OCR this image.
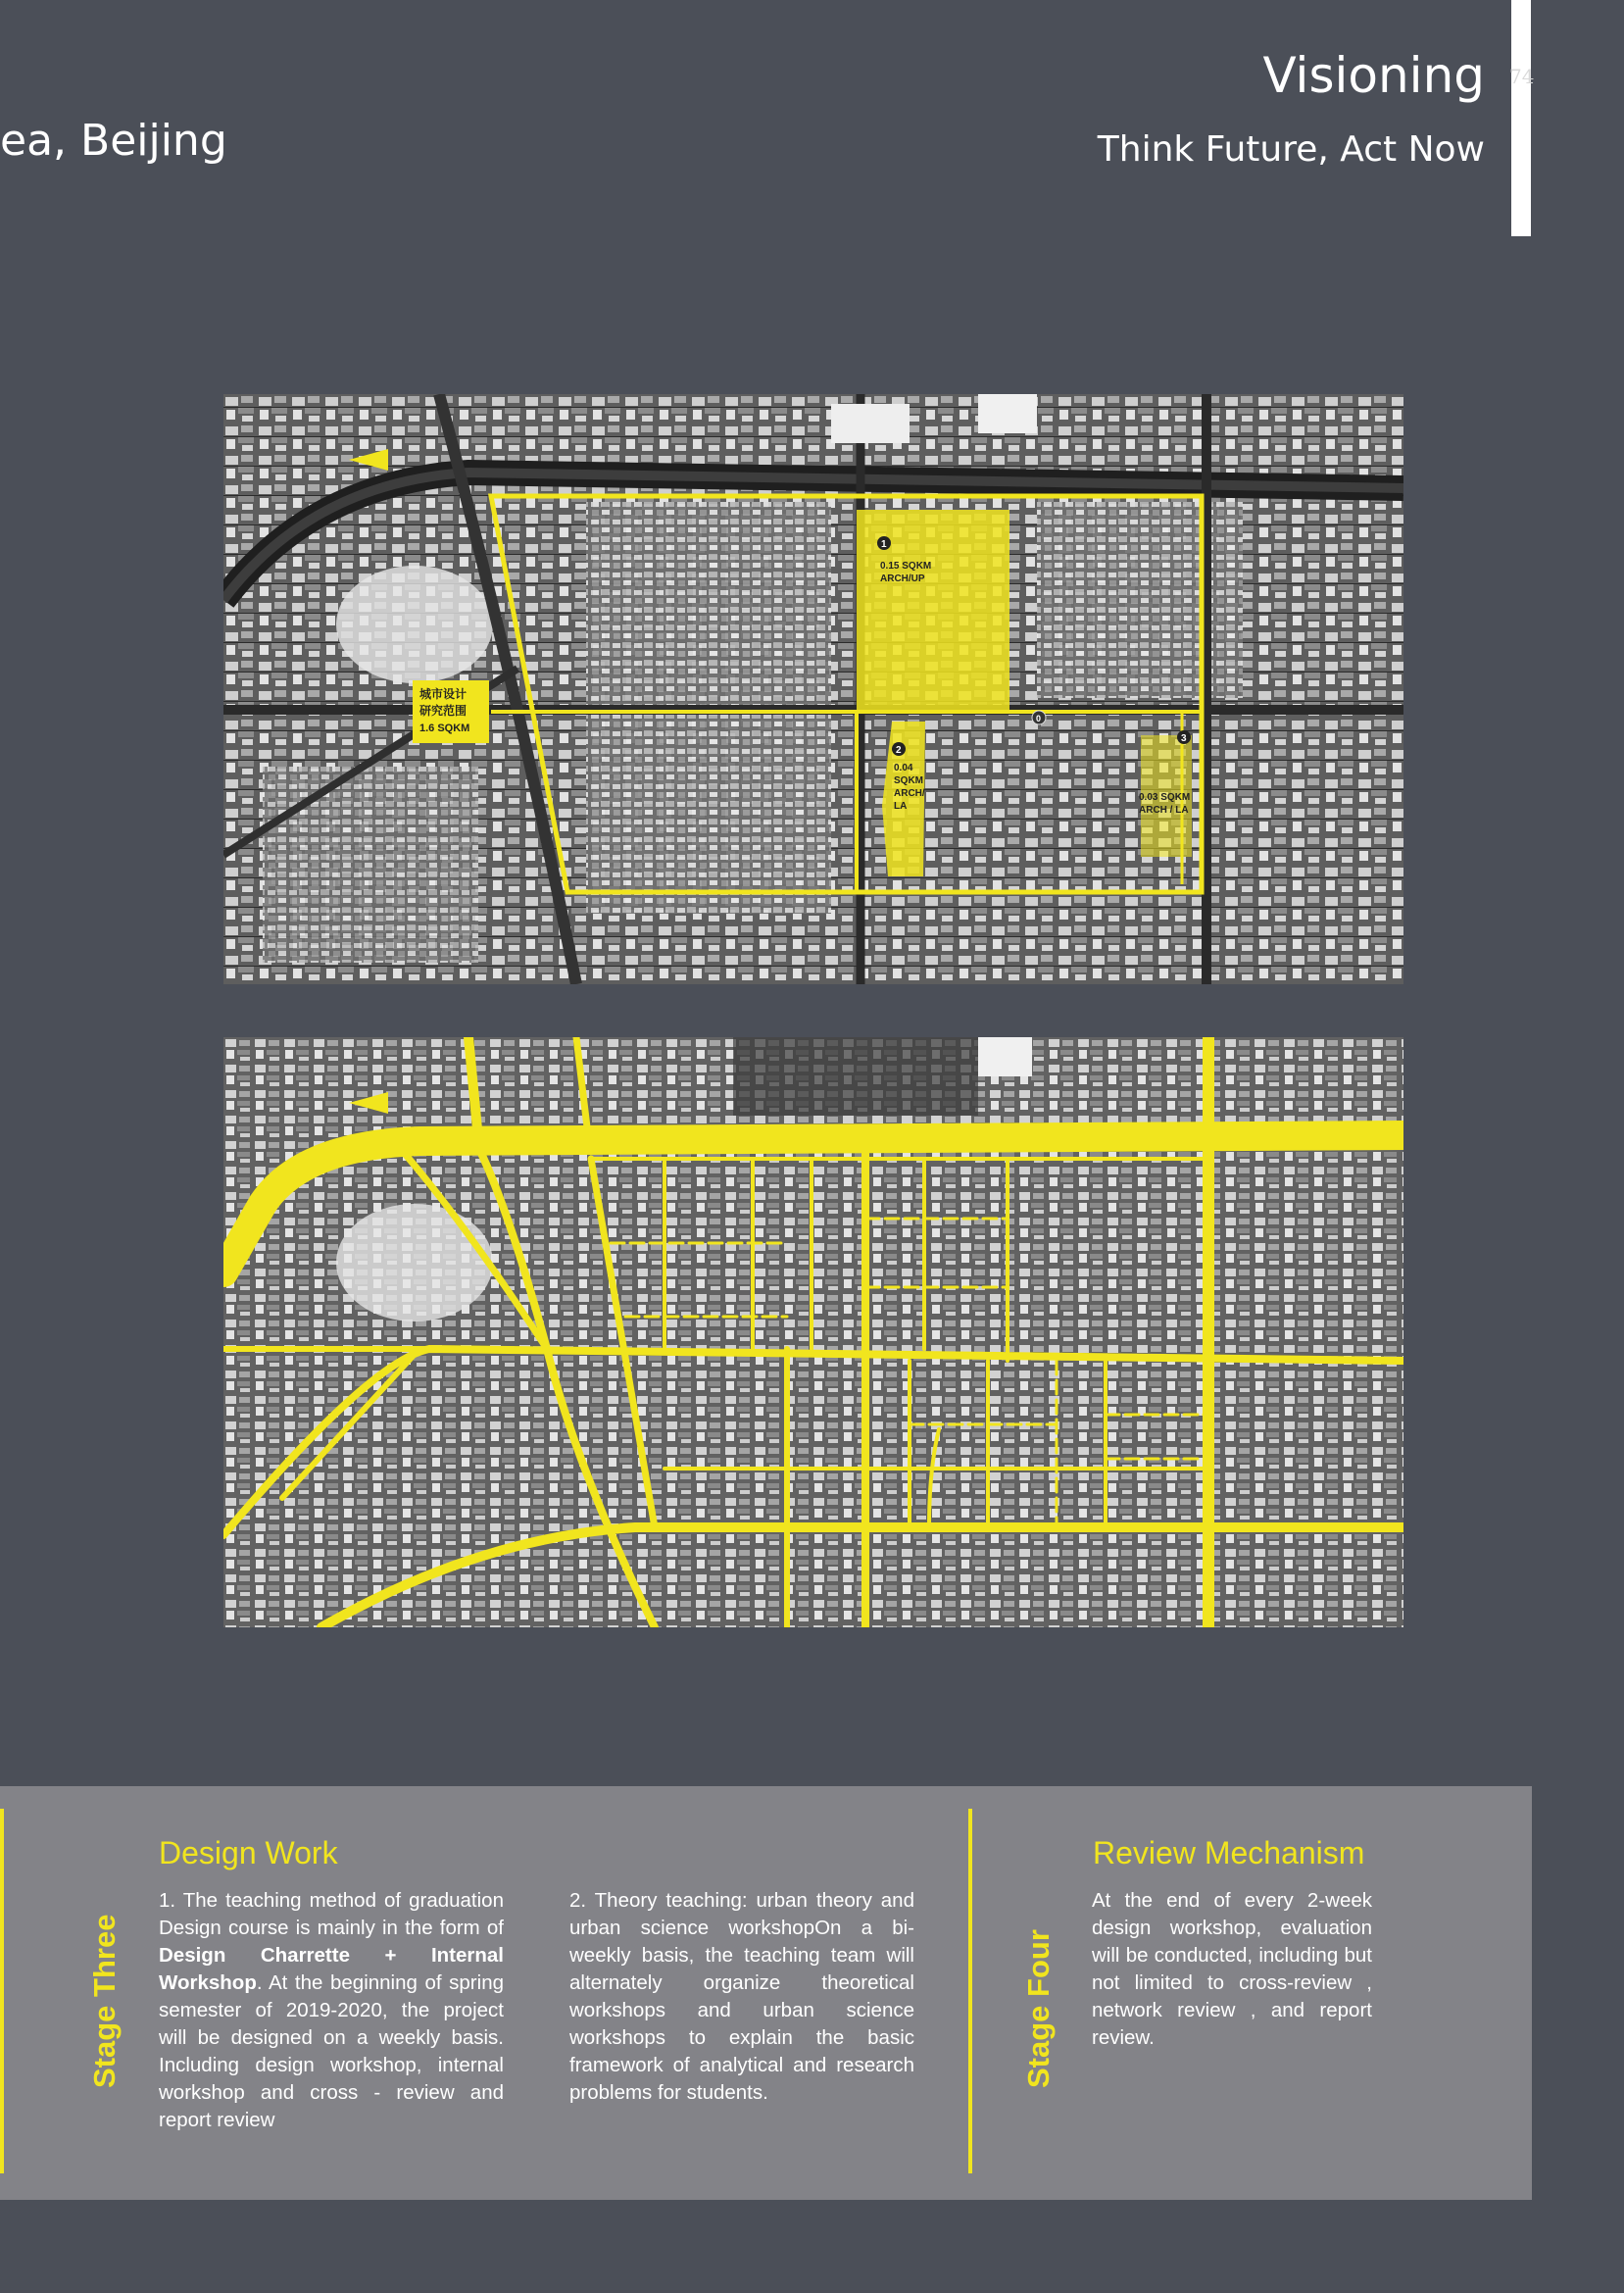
ea, Beijing
Visioning
Think Future, Act Now
74
城市设计
研究范围
1.6 SQKM
1
0.15 SQKM
ARCH/UP
2
0.04
SQKM
ARCH/
LA
3
0.03 SQKM
ARCH / LA
0
Stage Three
Design Work
1. The teaching method of graduation Design course is mainly in the form of Design Charrette + Internal Workshop. At the beginning of spring semester of 2019-2020, the project will be designed on a weekly basis. Including design workshop, internal workshop and cross - review and report review
2. Theory teaching: urban theory and urban science workshopOn a bi-weekly basis, the teaching team will alternately organize theoretical workshops and urban science workshops to explain the basic framework of analytical and research problems for students.
Stage Four
Review Mechanism
At the end of every 2-week design workshop, evaluation will be conducted, including but not limited to cross-review , network review , and report review.
